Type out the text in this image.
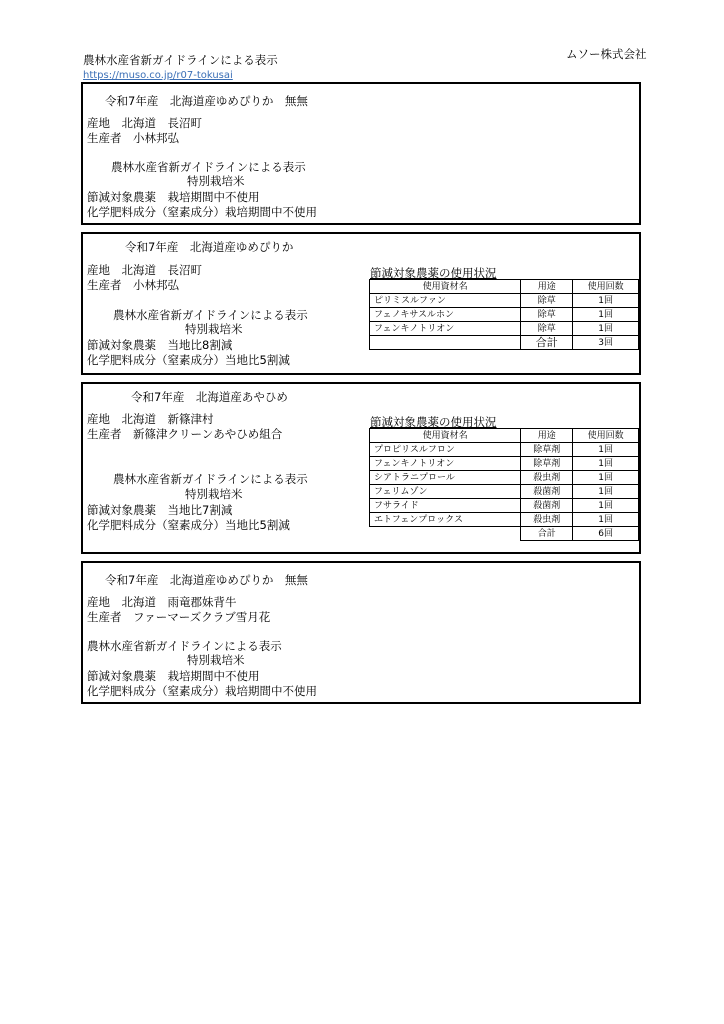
農林水産省新ガイドラインによる表示
https://muso.co.jp/r07-tokusai
ムソー株式会社
令和7年産　北海道産ゆめぴりか　無無
産地　北海道　長沼町
生産者　小林邦弘
農林水産省新ガイドラインによる表示
特別栽培米
節減対象農薬　栽培期間中不使用
化学肥料成分（窒素成分）栽培期間中不使用
令和7年産　北海道産ゆめぴりか
産地　北海道　長沼町
生産者　小林邦弘
農林水産省新ガイドラインによる表示
特別栽培米
節減対象農薬　当地比8割減
化学肥料成分（窒素成分）当地比5割減
節減対象農薬の使用状況
使用資材名	用途	使用回数
ピリミスルファン	除草	1回
フェノキサスルホン	除草	1回
フェンキノトリオン	除草	1回
	合計	3回
令和7年産　北海道産あやひめ
産地　北海道　新篠津村
生産者　新篠津クリーンあやひめ組合
農林水産省新ガイドラインによる表示
特別栽培米
節減対象農薬　当地比7割減
化学肥料成分（窒素成分）当地比5割減
節減対象農薬の使用状況
使用資材名	用途	使用回数
プロピリスルフロン	除草剤	1回
フェンキノトリオン	除草剤	1回
シアトラニプロール	殺虫剤	1回
フェリムゾン	殺菌剤	1回
フサライド	殺菌剤	1回
エトフェンプロックス	殺虫剤	1回
	合計	6回
令和7年産　北海道産ゆめぴりか　無無
産地　北海道　雨竜郡妹背牛
生産者　ファーマーズクラブ雪月花
農林水産省新ガイドラインによる表示
特別栽培米
節減対象農薬　栽培期間中不使用
化学肥料成分（窒素成分）栽培期間中不使用
